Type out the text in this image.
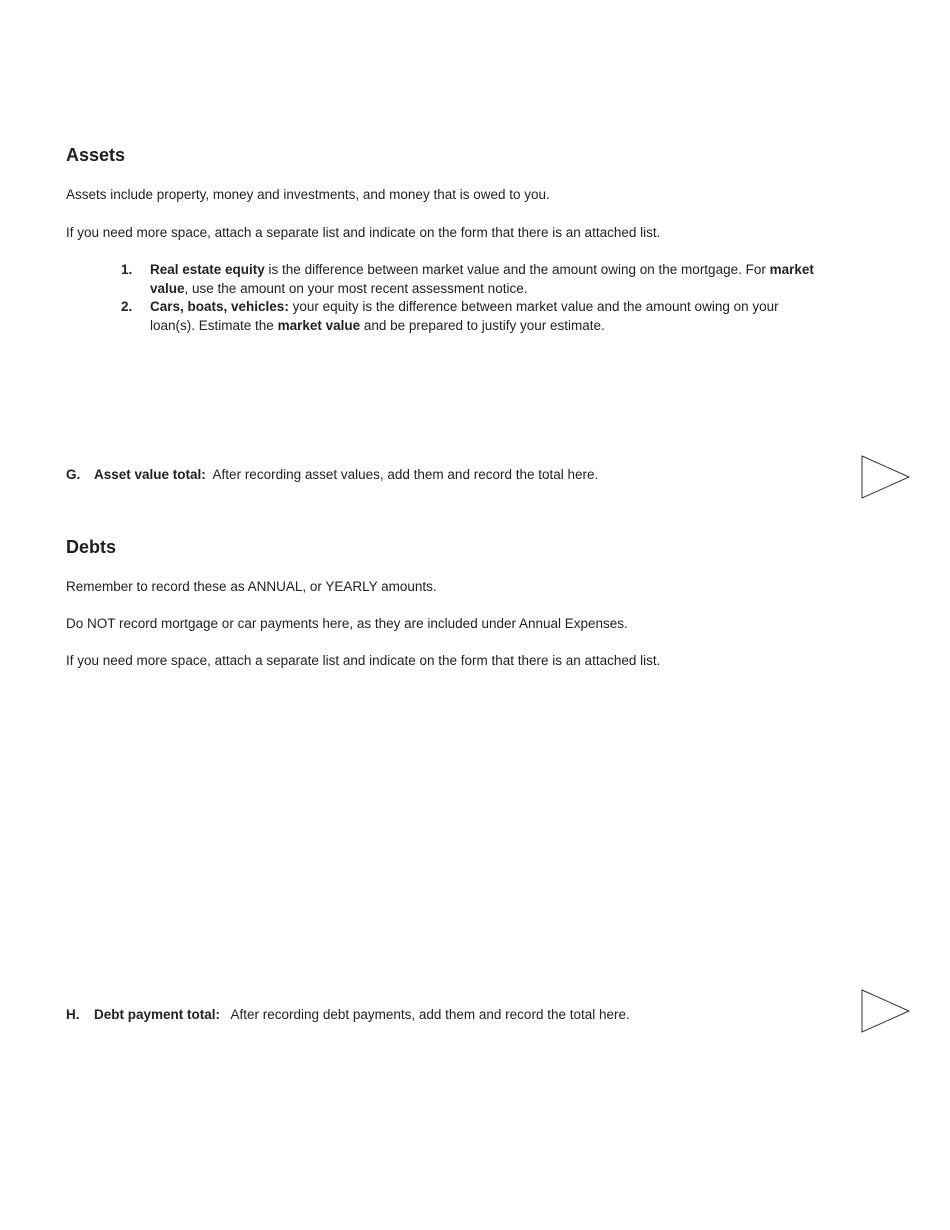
Assets

Assets include property, money and investments, and money that is owed to you.

If you need more space, attach a separate list and indicate on the form that there is an attached list.

1. Real estate equity is the difference between market value and the amount owing on the mortgage. For market value, use the amount on your most recent assessment notice.
2. Cars, boats, vehicles: your equity is the difference between market value and the amount owing on your loan(s). Estimate the market value and be prepared to justify your estimate.
G. Asset value total:  After recording asset values, add them and record the total here.
Debts

Remember to record these as ANNUAL, or YEARLY amounts.

Do NOT record mortgage or car payments here, as they are included under Annual Expenses.

If you need more space, attach a separate list and indicate on the form that there is an attached list.

H. Debt payment total:   After recording debt payments, add them and record the total here.
